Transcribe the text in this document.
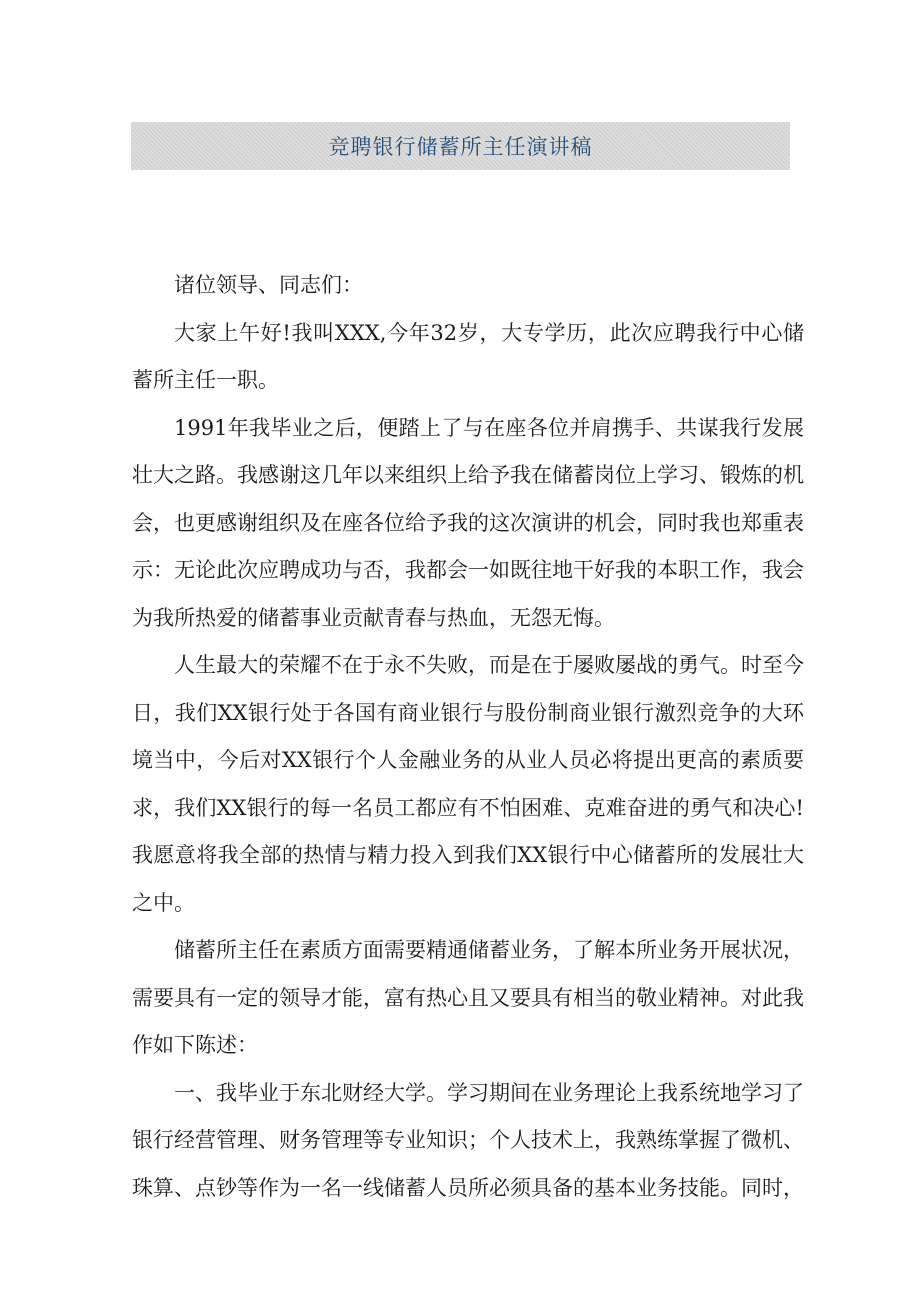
竞聘银行储蓄所主任演讲稿

诸位领导、同志们：

大家上午好!我叫XXX,今年32岁，大专学历，此次应聘我行中心储蓄所主任一职。

1991年我毕业之后，便踏上了与在座各位并肩携手、共谋我行发展壮大之路。我感谢这几年以来组织上给予我在储蓄岗位上学习、锻炼的机会，也更感谢组织及在座各位给予我的这次演讲的机会，同时我也郑重表示：无论此次应聘成功与否，我都会一如既往地干好我的本职工作，我会为我所热爱的储蓄事业贡献青春与热血，无怨无悔。

人生最大的荣耀不在于永不失败，而是在于屡败屡战的勇气。时至今日，我们XX银行处于各国有商业银行与股份制商业银行激烈竞争的大环境当中，今后对XX银行个人金融业务的从业人员必将提出更高的素质要求，我们XX银行的每一名员工都应有不怕困难、克难奋进的勇气和决心!我愿意将我全部的热情与精力投入到我们XX银行中心储蓄所的发展壮大之中。

储蓄所主任在素质方面需要精通储蓄业务，了解本所业务开展状况，需要具有一定的领导才能，富有热心且又要具有相当的敬业精神。对此我作如下陈述：

一、我毕业于东北财经大学。学习期间在业务理论上我系统地学习了银行经营管理、财务管理等专业知识；个人技术上，我熟练掌握了微机、珠算、点钞等作为一名一线储蓄人员所必须具备的基本业务技能。同时，
